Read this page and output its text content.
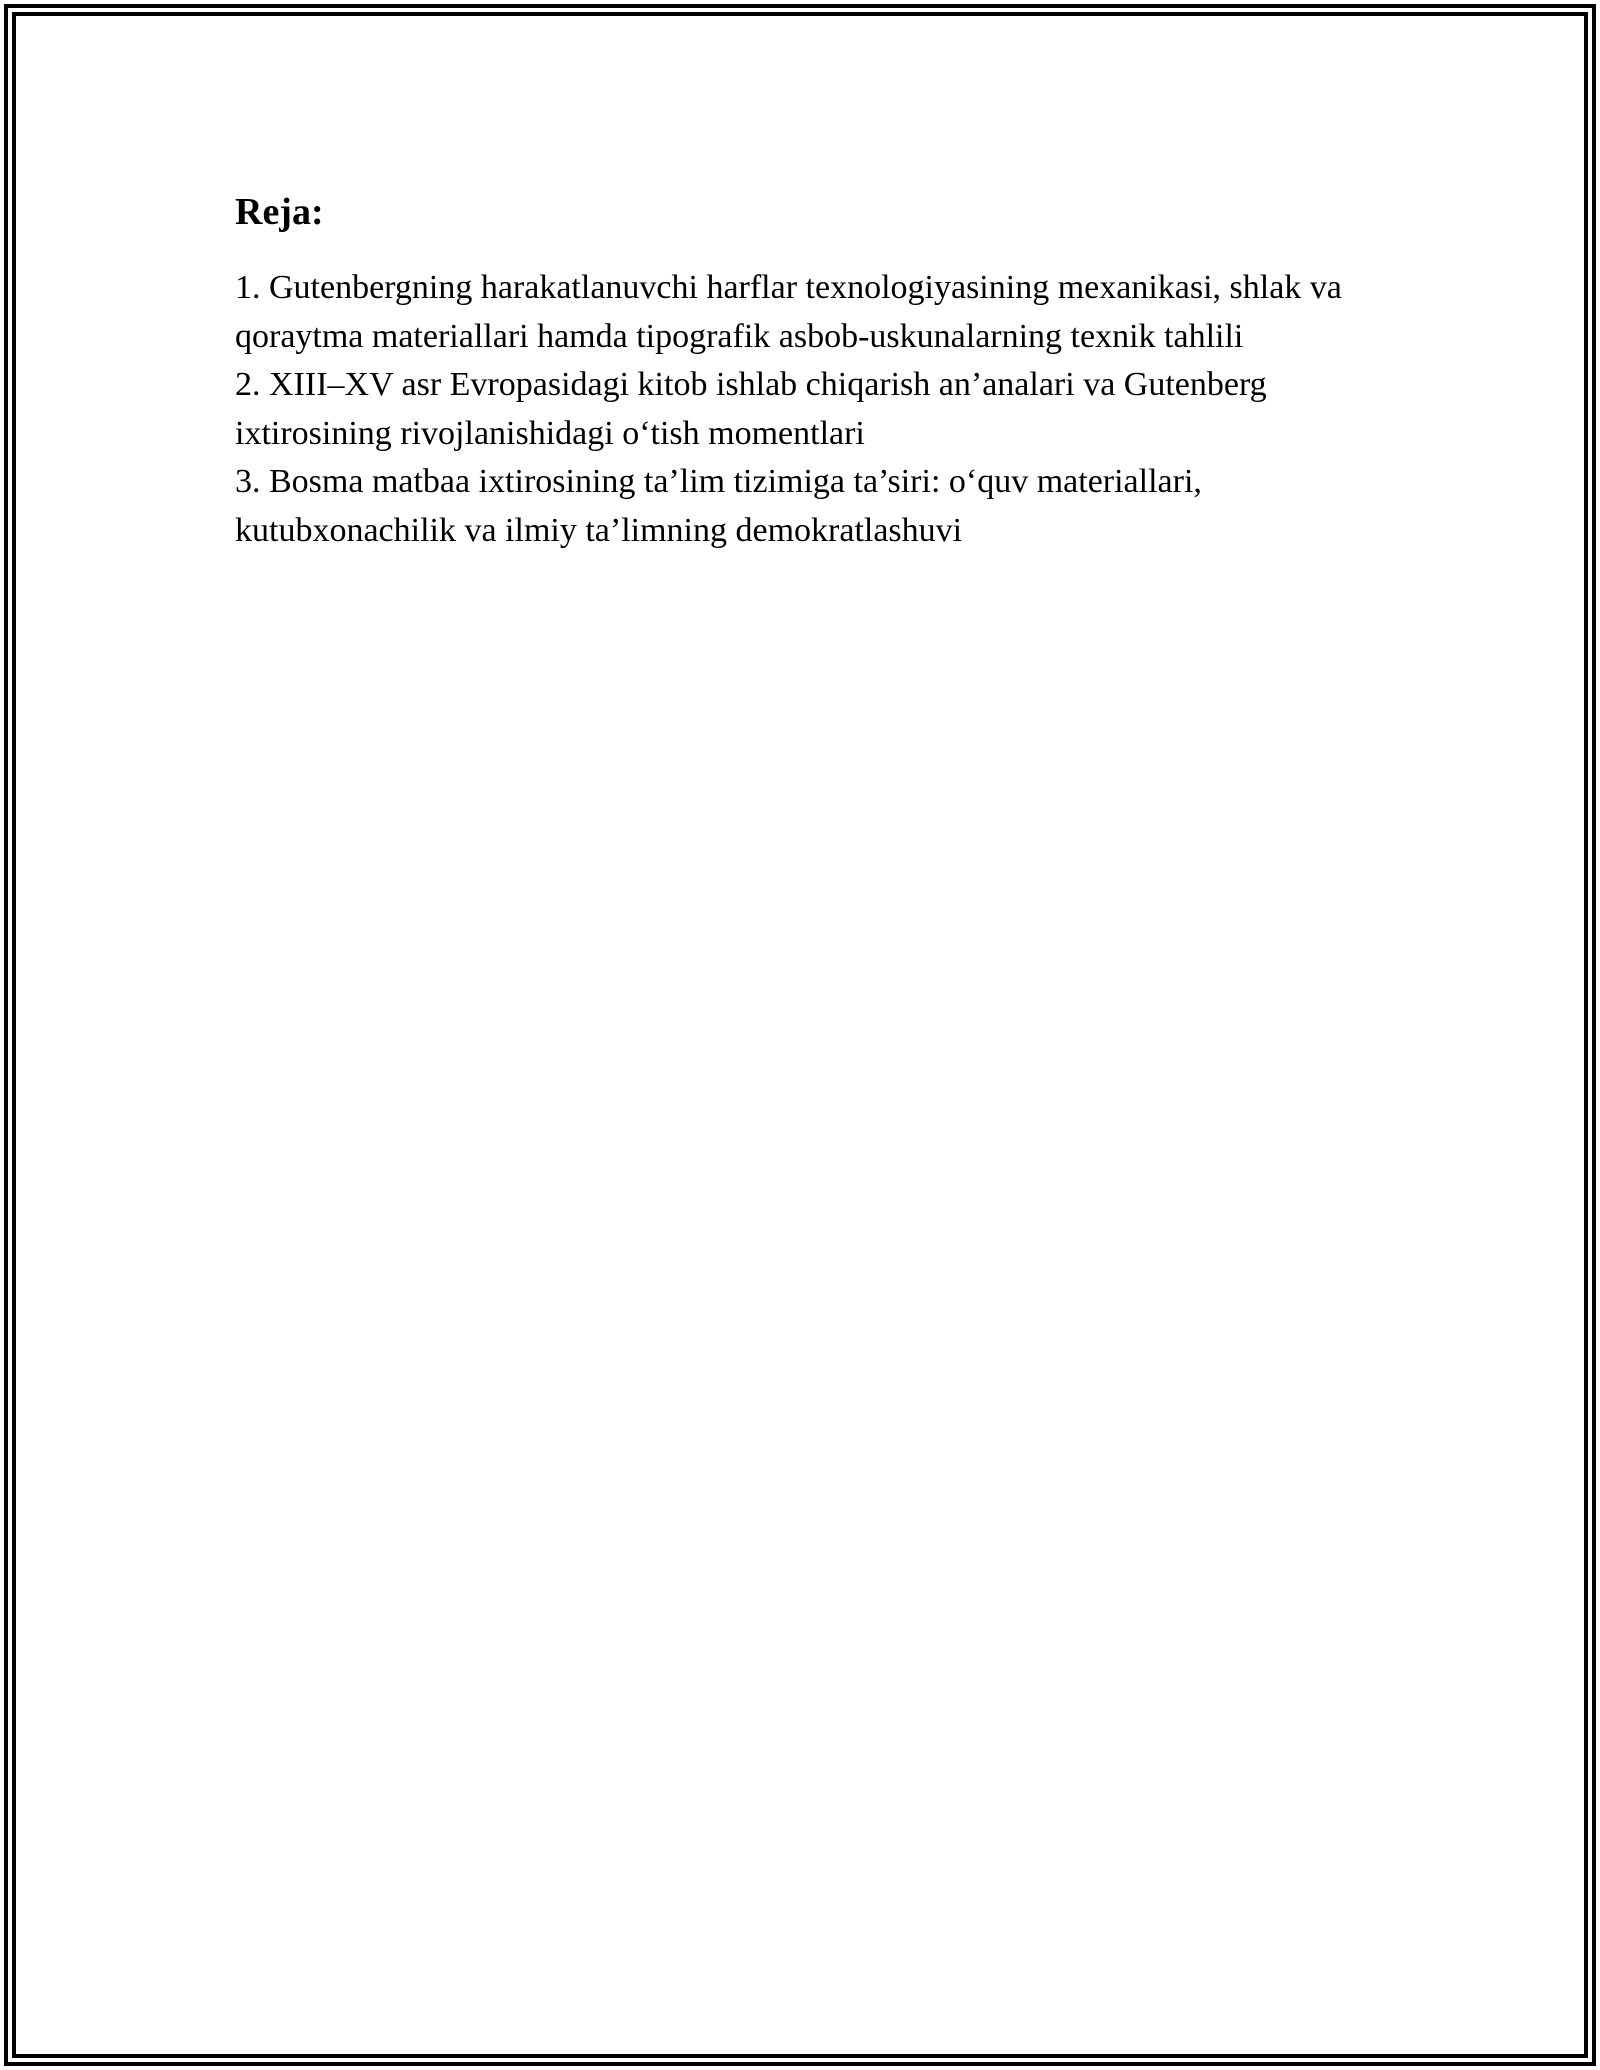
Reja:
1. Gutenbergning harakatlanuvchi harflar texnologiyasining mexanikasi, shlak va qoraytma materiallari hamda tipografik asbob-uskunalarning texnik tahlili
2. XIII–XV asr Evropasidagi kitob ishlab chiqarish an’analari va Gutenberg ixtirosining rivojlanishidagi o‘tish momentlari
3. Bosma matbaa ixtirosining ta’lim tizimiga ta’siri: o‘quv materiallari, kutubxonachilik va ilmiy ta’limning demokratlashuvi
